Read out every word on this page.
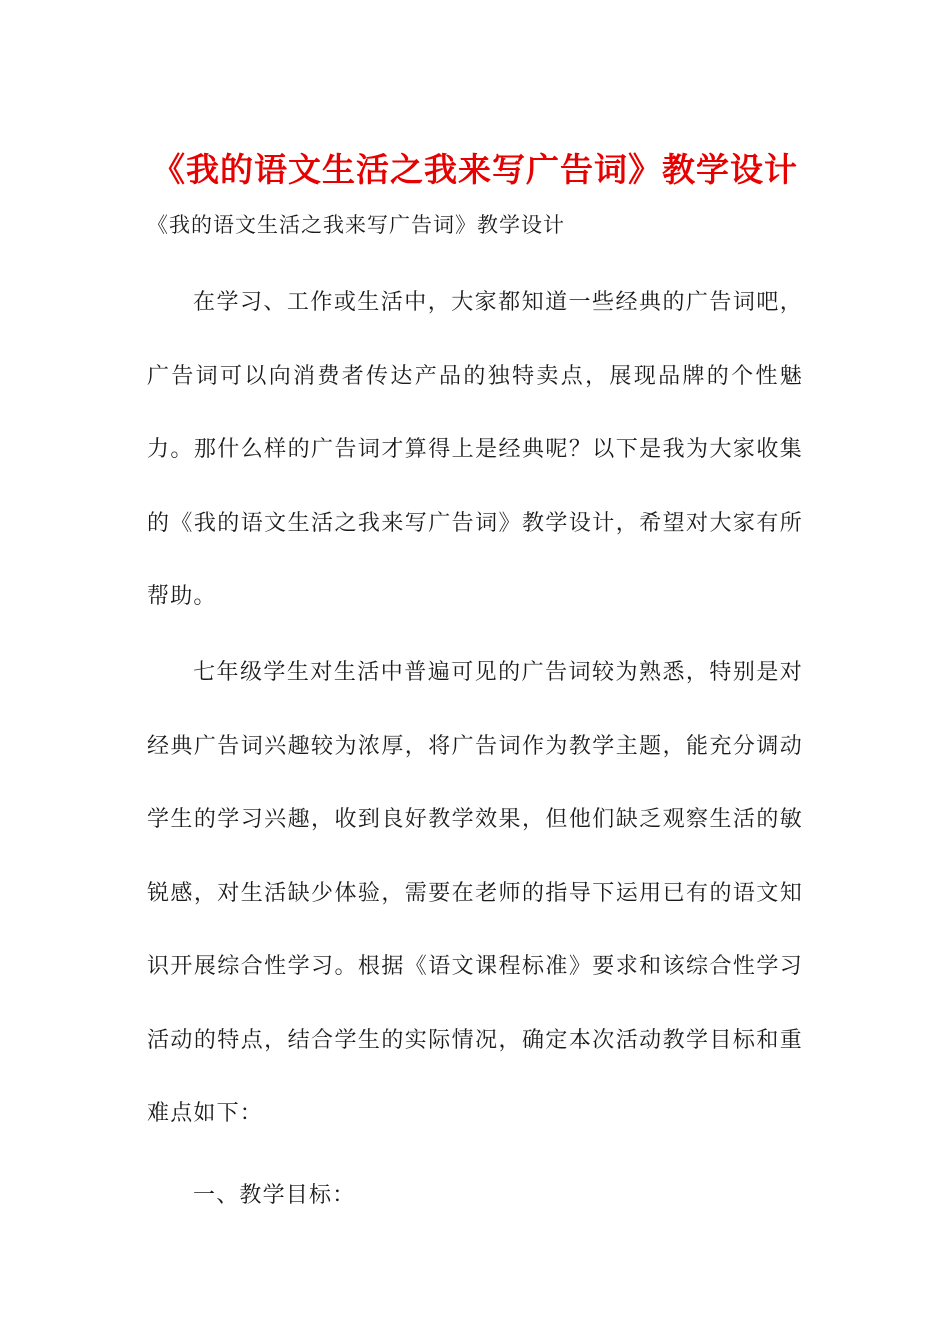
《我的语文生活之我来写广告词》教学设计

《我的语文生活之我来写广告词》教学设计

在学习、工作或生活中，大家都知道一些经典的广告词吧，广告词可以向消费者传达产品的独特卖点，展现品牌的个性魅力。那什么样的广告词才算得上是经典呢？以下是我为大家收集的《我的语文生活之我来写广告词》教学设计，希望对大家有所帮助。

七年级学生对生活中普遍可见的广告词较为熟悉，特别是对经典广告词兴趣较为浓厚，将广告词作为教学主题，能充分调动学生的学习兴趣，收到良好教学效果，但他们缺乏观察生活的敏锐感，对生活缺少体验，需要在老师的指导下运用已有的语文知识开展综合性学习。根据《语文课程标准》要求和该综合性学习活动的特点，结合学生的实际情况，确定本次活动教学目标和重难点如下：

一、教学目标：
